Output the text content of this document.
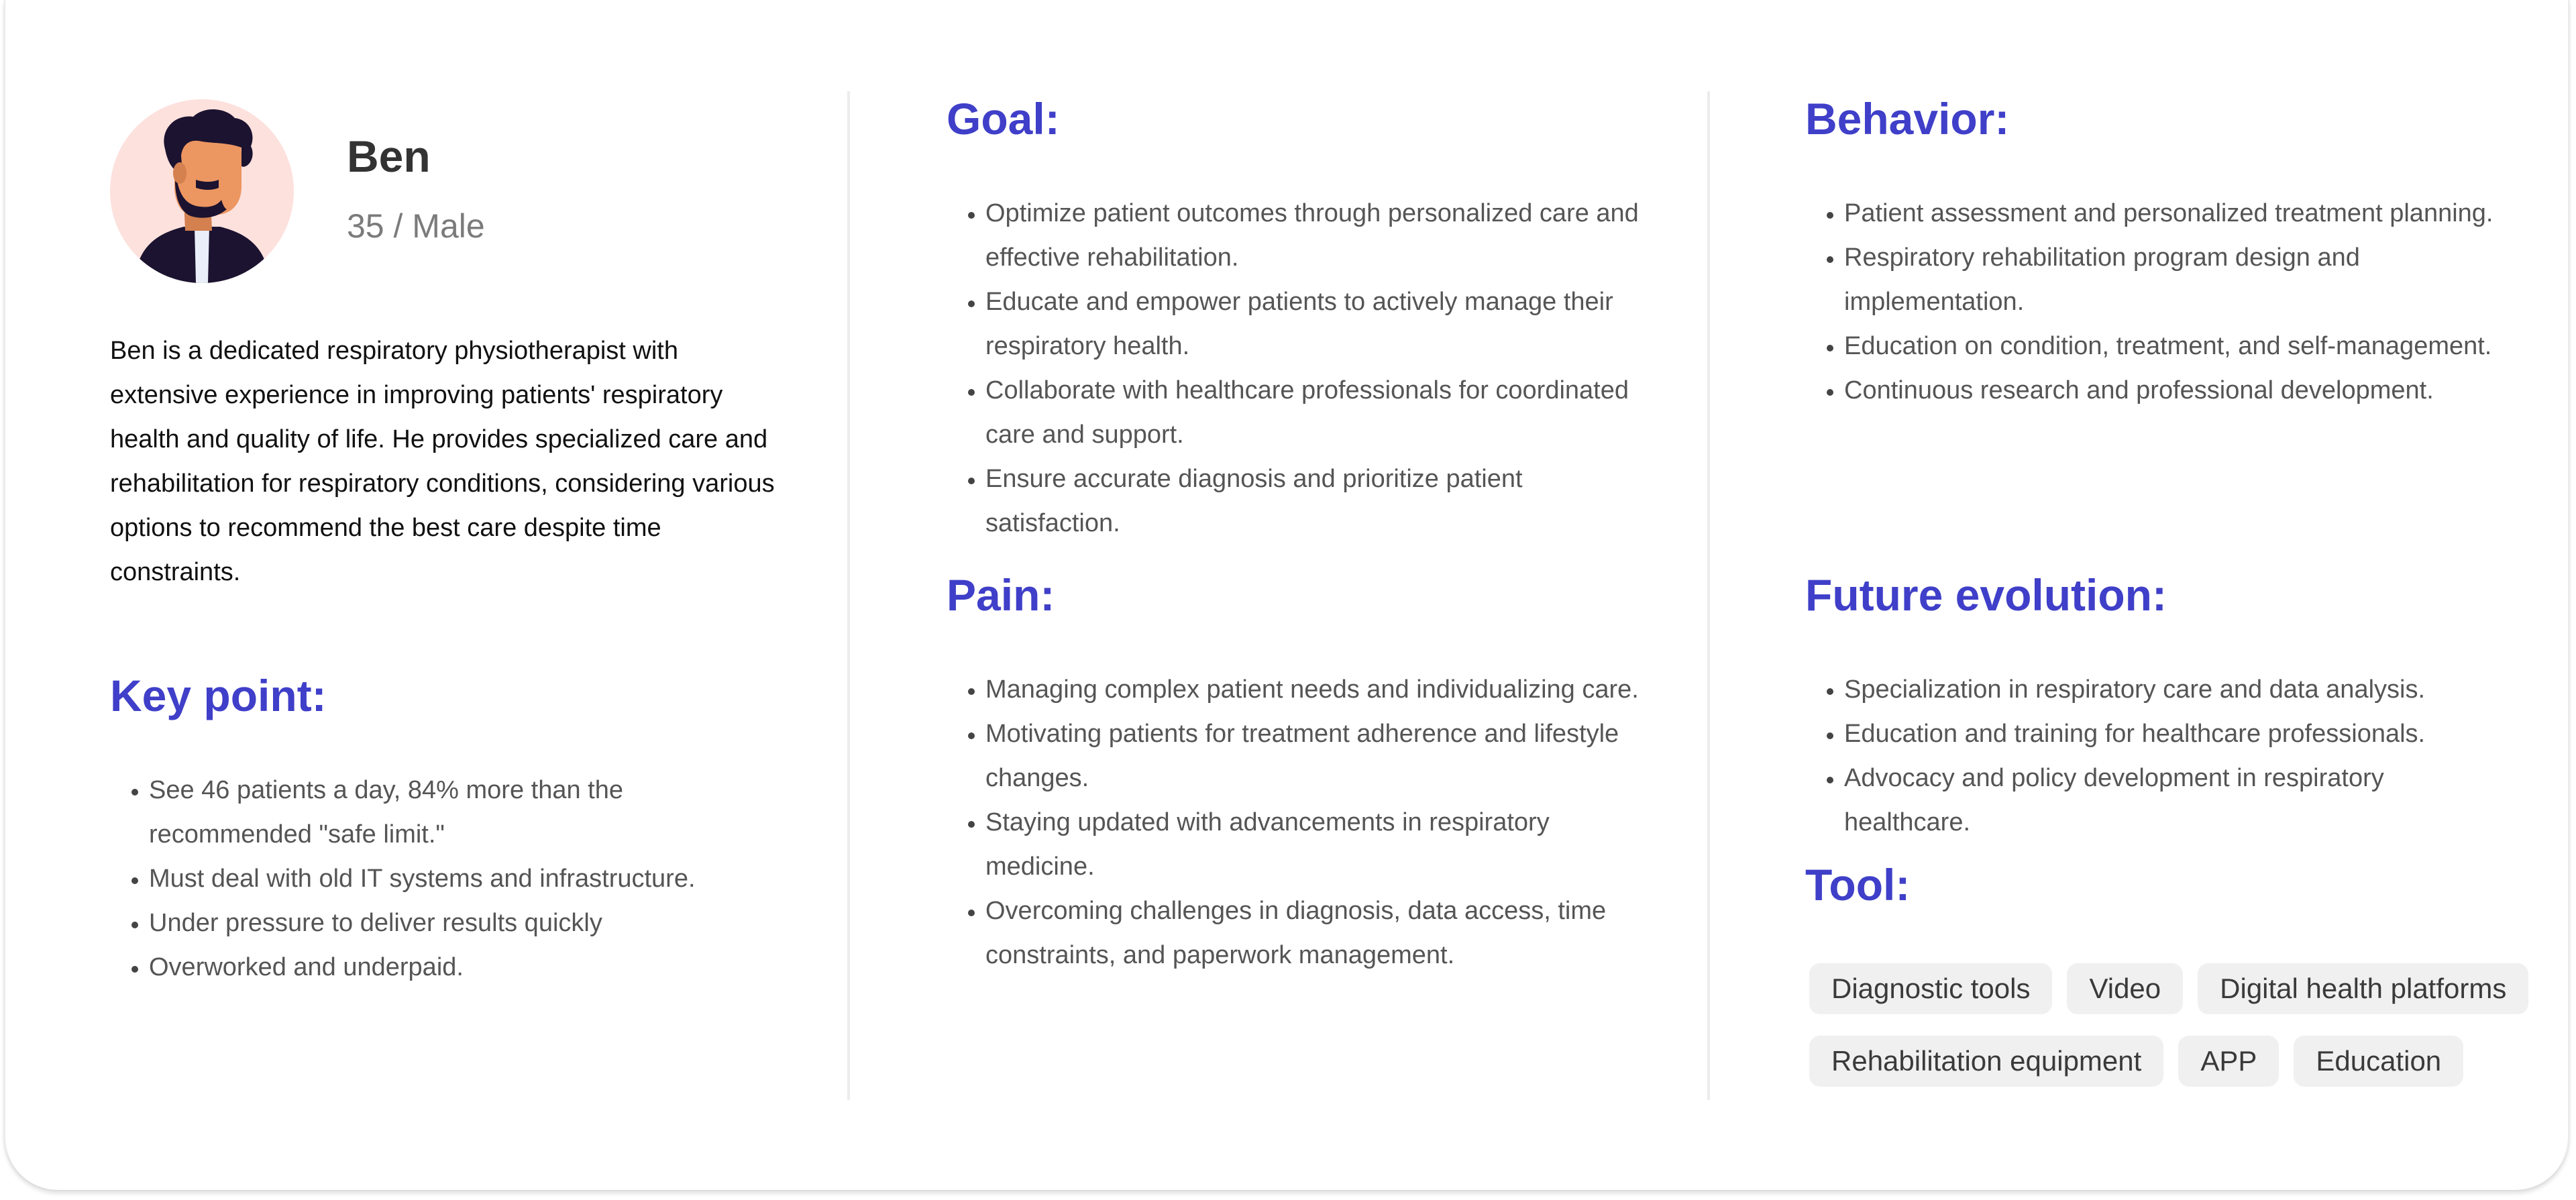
Ben
35 / Male
Ben is a dedicated respiratory physiotherapist with extensive experience in improving patients' respiratory health and quality of life. He provides specialized care and rehabilitation for respiratory conditions, considering various options to recommend the best care despite time constraints.
Key point:
• See 46 patients a day, 84% more than the recommended "safe limit."
• Must deal with old IT systems and infrastructure.
• Under pressure to deliver results quickly
• Overworked and underpaid.
Goal:
• Optimize patient outcomes through personalized care and effective rehabilitation.
• Educate and empower patients to actively manage their respiratory health.
• Collaborate with healthcare professionals for coordinated care and support.
• Ensure accurate diagnosis and prioritize patient satisfaction.
Pain:
• Managing complex patient needs and individualizing care.
• Motivating patients for treatment adherence and lifestyle changes.
• Staying updated with advancements in respiratory medicine.
• Overcoming challenges in diagnosis, data access, time constraints, and paperwork management.
Behavior:
• Patient assessment and personalized treatment planning.
• Respiratory rehabilitation program design and implementation.
• Education on condition, treatment, and self-management.
• Continuous research and professional development.
Future evolution:
• Specialization in respiratory care and data analysis.
• Education and training for healthcare professionals.
• Advocacy and policy development in respiratory healthcare.
Tool:
Diagnostic tools	Video	Digital health platforms
Rehabilitation equipment	APP	Education
